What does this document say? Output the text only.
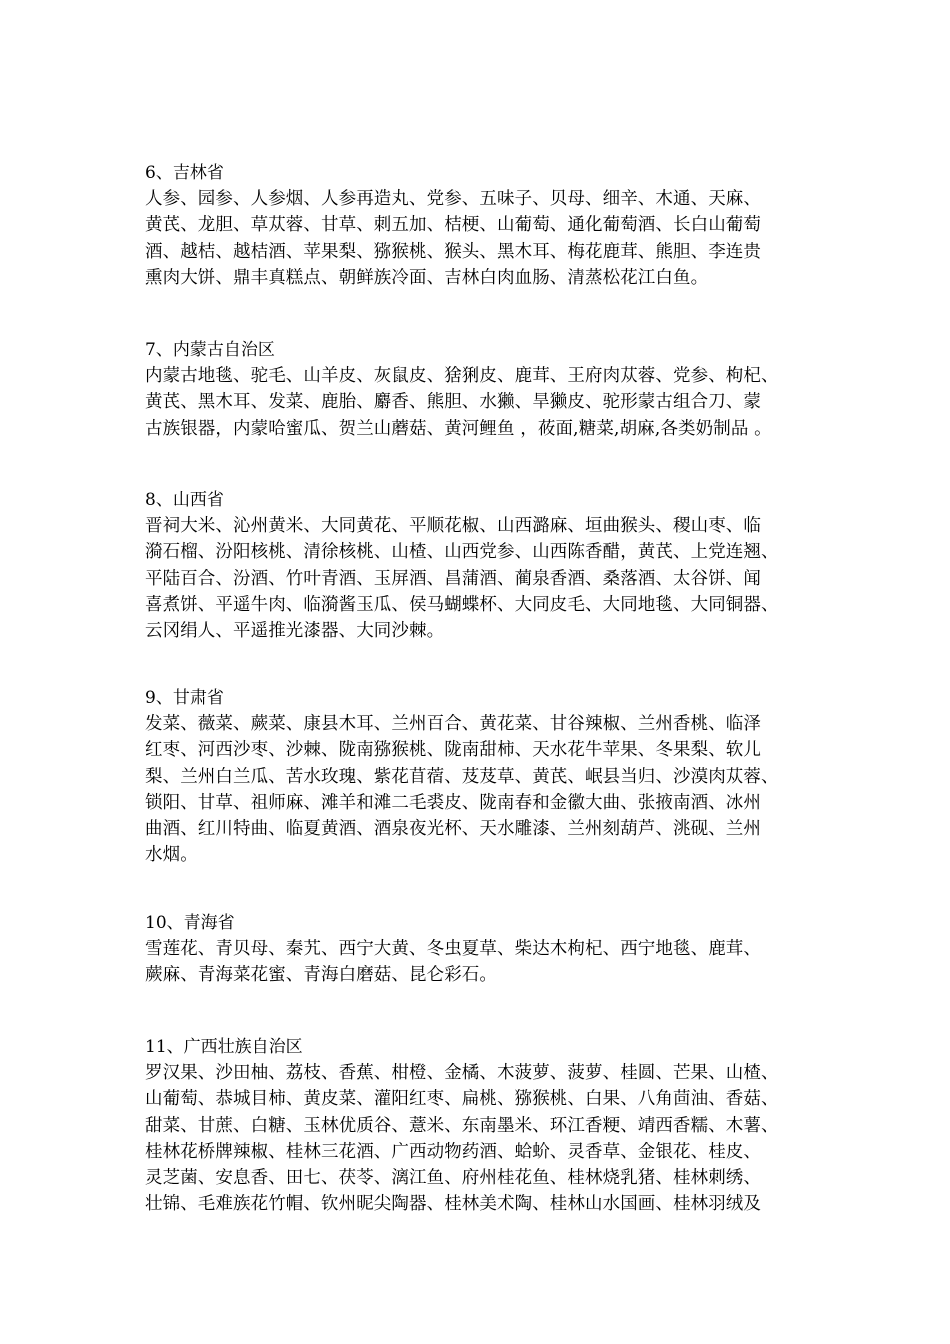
6、吉林省
人参、园参、人参烟、人参再造丸、党参、五味子、贝母、细辛、木通、天麻、
黄芪、龙胆、草苁蓉、甘草、刺五加、桔梗、山葡萄、通化葡萄酒、长白山葡萄
酒、越桔、越桔酒、苹果梨、猕猴桃、猴头、黑木耳、梅花鹿茸、熊胆、李连贵
熏肉大饼、鼎丰真糕点、朝鲜族冷面、吉林白肉血肠、清蒸松花江白鱼。
7、内蒙古自治区
内蒙古地毯、驼毛、山羊皮、灰鼠皮、猞猁皮、鹿茸、王府肉苁蓉、党参、枸杞、
黄芪、黑木耳、发菜、鹿胎、麝香、熊胆、水獭、旱獭皮、驼形蒙古组合刀、蒙
古族银器，内蒙哈蜜瓜、贺兰山蘑菇、黄河鲤鱼 ，莜面,糖菜,胡麻,各类奶制品 。
8、山西省
晋祠大米、沁州黄米、大同黄花、平顺花椒、山西潞麻、垣曲猴头、稷山枣、临
漪石榴、汾阳核桃、清徐核桃、山楂、山西党参、山西陈香醋，黄芪、上党连翘、
平陆百合、汾酒、竹叶青酒、玉屏酒、昌蒲酒、蔺泉香酒、桑落酒、太谷饼、闻
喜煮饼、平遥牛肉、临漪酱玉瓜、侯马蝴蝶杯、大同皮毛、大同地毯、大同铜器、
云冈绢人、平遥推光漆器、大同沙棘。
9、甘肃省
发菜、薇菜、蕨菜、康县木耳、兰州百合、黄花菜、甘谷辣椒、兰州香桃、临泽
红枣、河西沙枣、沙棘、陇南猕猴桃、陇南甜柿、天水花牛苹果、冬果梨、软儿
梨、兰州白兰瓜、苦水玫瑰、紫花苜蓿、芨芨草、黄芪、岷县当归、沙漠肉苁蓉、
锁阳、甘草、祖师麻、滩羊和滩二毛裘皮、陇南春和金徽大曲、张掖南酒、冰州
曲酒、红川特曲、临夏黄酒、酒泉夜光杯、天水雕漆、兰州刻葫芦、洮砚、兰州
水烟。
10、青海省
雪莲花、青贝母、秦艽、西宁大黄、冬虫夏草、柴达木枸杞、西宁地毯、鹿茸、
蕨麻、青海菜花蜜、青海白磨菇、昆仑彩石。
11、广西壮族自治区
罗汉果、沙田柚、荔枝、香蕉、柑橙、金橘、木菠萝、菠萝、桂圆、芒果、山楂、
山葡萄、恭城目柿、黄皮菜、灌阳红枣、扁桃、猕猴桃、白果、八角茴油、香菇、
甜菜、甘蔗、白糖、玉林优质谷、薏米、东南墨米、环江香粳、靖西香糯、木薯、
桂林花桥牌辣椒、桂林三花酒、广西动物药酒、蛤蚧、灵香草、金银花、桂皮、
灵芝菌、安息香、田七、茯苓、漓江鱼、府州桂花鱼、桂林烧乳猪、桂林刺绣、
壮锦、毛难族花竹帽、钦州昵尖陶器、桂林美术陶、桂林山水国画、桂林羽绒及
